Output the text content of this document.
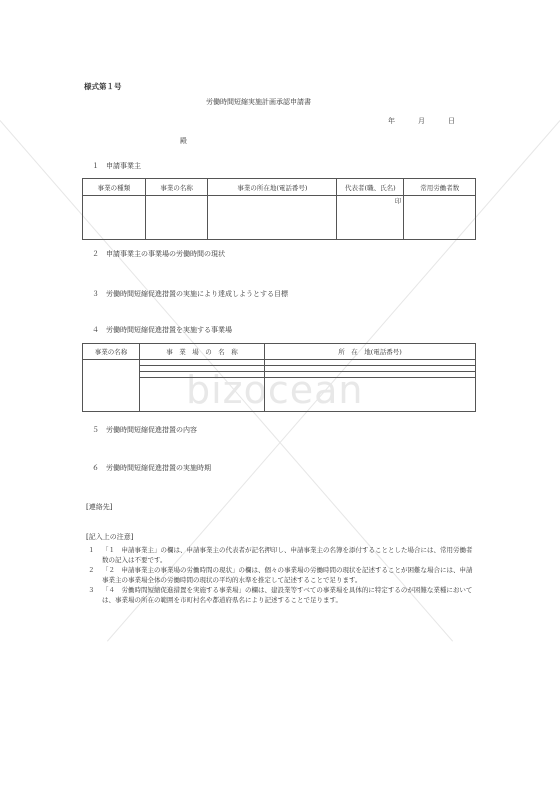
bizocean
様式第１号
労働時間短縮実施計画承認申請書
年	月	日
殿
１　申請事業主
事業の種類	事業の名称	事業の所在地(電話番号)	代表者(職、氏名)	常用労働者数
			印	
２　申請事業主の事業場の労働時間の現状
３　労働時間短縮促進措置の実施により達成しようとする目標
４　労働時間短縮促進措置を実施する事業場
事業の名称	事　業　場　の　名　称	所　在　地(電話番号)

５　労働時間短縮促進措置の内容
６　労働時間短縮促進措置の実施時期
[連絡先]
[記入上の注意]
１	「１　申請事業主」の欄は、申請事業主の代表者が記名押印し、申請事業主の名簿を添付することとした場合には、常用労働者数の記入は不要です。
２	「２　申請事業主の事業場の労働時間の現状」の欄は、個々の事業場の労働時間の現状を記述することが困難な場合には、申請事業主の事業場全体の労働時間の現状の平均的水準を推定して記述することで足ります。
３	「４　労働時間短縮促進措置を実施する事業場」の欄は、建設業等すべての事業場を具体的に特定するのが困難な業種においては、事業場の所在の範囲を市町村名や都道府県名により記述することで足ります。
